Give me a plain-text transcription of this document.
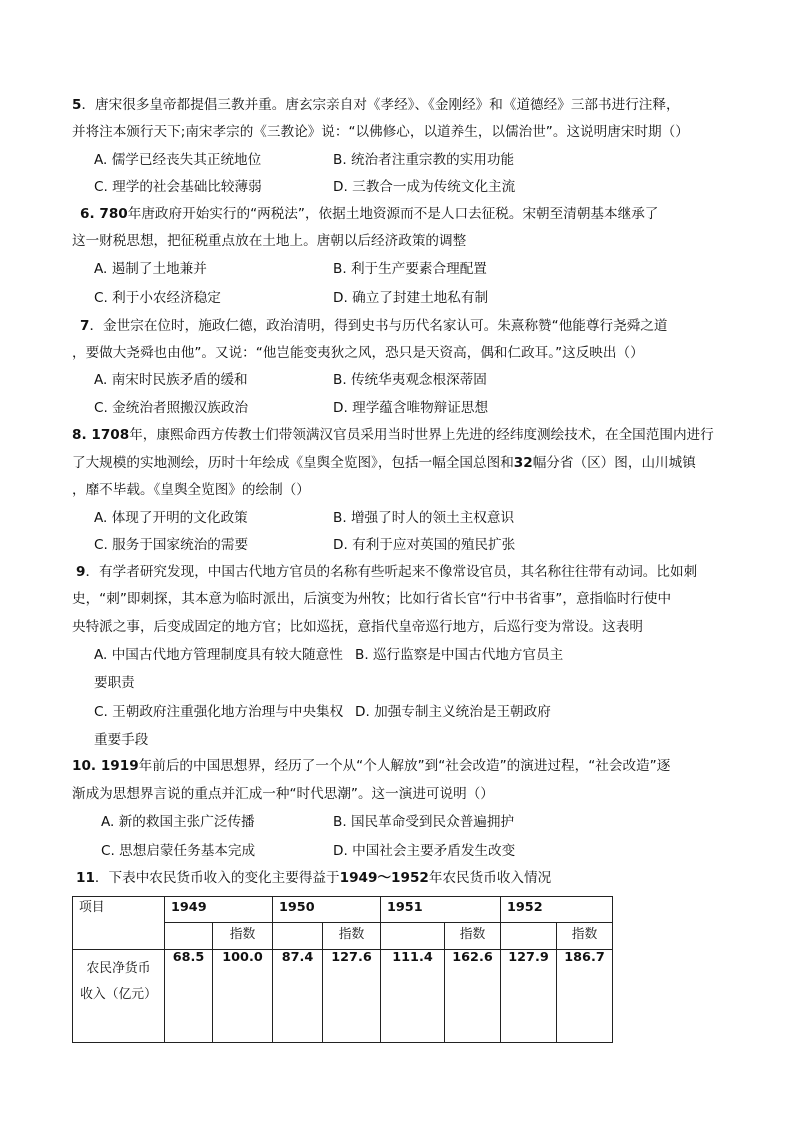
5．唐宋很多皇帝都提倡三教并重。唐玄宗亲自对《孝经》、《金刚经》和《道德经》三部书进行注释，
并将注本颁行天下;南宋孝宗的《三教论》说：“以佛修心，以道养生，以儒治世”。这说明唐宋时期（）
A. 儒学已经丧失其正统地位	B. 统治者注重宗教的实用功能
C. 理学的社会基础比较薄弱	D. 三教合一成为传统文化主流
6. 780年唐政府开始实行的“两税法”，依据土地资源而不是人口去征税。宋朝至清朝基本继承了
这一财税思想，把征税重点放在土地上。唐朝以后经济政策的调整
A. 遏制了土地兼并	B. 利于生产要素合理配置
C. 利于小农经济稳定	D. 确立了封建土地私有制
7．金世宗在位时，施政仁德，政治清明，得到史书与历代名家认可。朱熹称赞“他能尊行尧舜之道
，要做大尧舜也由他”。又说：“他岂能变夷狄之风，恐只是天资高，偶和仁政耳。”这反映出（）
A. 南宋时民族矛盾的缓和	B. 传统华夷观念根深蒂固
C. 金统治者照搬汉族政治	D. 理学蕴含唯物辩证思想
8. 1708年，康熙命西方传教士们带领满汉官员采用当时世界上先进的经纬度测绘技术，在全国范围内进行
了大规模的实地测绘，历时十年绘成《皇舆全览图》，包括一幅全国总图和32幅分省（区）图，山川城镇
，靡不毕载。《皇舆全览图》的绘制（）
A. 体现了开明的文化政策	B. 增强了时人的领土主权意识
C. 服务于国家统治的需要	D. 有利于应对英国的殖民扩张
9．有学者研究发现，中国古代地方官员的名称有些听起来不像常设官员，其名称往往带有动词。比如刺
史，“刺”即刺探，其本意为临时派出，后演变为州牧；比如行省长官“行中书省事”，意指临时行使中
央特派之事，后变成固定的地方官；比如巡抚，意指代皇帝巡行地方，后巡行变为常设。这表明
A. 中国古代地方管理制度具有较大随意性 B. 巡行监察是中国古代地方官员主
要职责
C. 王朝政府注重强化地方治理与中央集权 D. 加强专制主义统治是王朝政府
重要手段
10. 1919年前后的中国思想界，经历了一个从“个人解放”到“社会改造”的演进过程，“社会改造”逐
渐成为思想界言说的重点并汇成一种“时代思潮”。这一演进可说明（）
A. 新的救国主张广泛传播	B. 国民革命受到民众普遍拥护
C. 思想启蒙任务基本完成	D. 中国社会主要矛盾发生改变
11．下表中农民货币收入的变化主要得益于1949～1952年农民货币收入情况
项目	1949		1950		1951		1952	
		指数		指数		指数		指数

农民净货币
收入（亿元）	68.5	100.0	87.4	127.6	111.4	162.6	127.9	186.7
